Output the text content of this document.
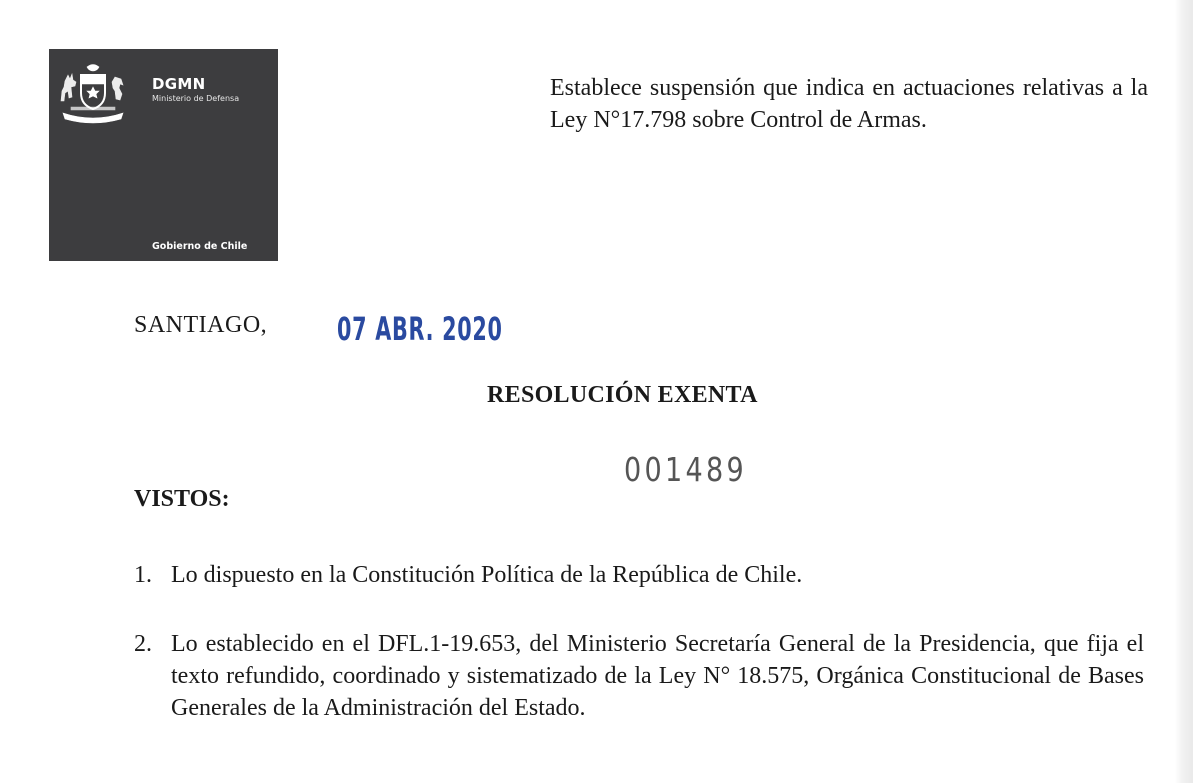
DGMN
Ministerio de Defensa
Gobierno de Chile
Establece suspensión que indica en actuaciones relativas a la Ley N°17.798 sobre Control de Armas.
SANTIAGO, 07 ABR. 2020
RESOLUCIÓN EXENTA
001489
VISTOS:
1. Lo dispuesto en la Constitución Política de la República de Chile.
2. Lo establecido en el DFL.1-19.653, del Ministerio Secretaría General de la Presidencia, que fija el texto refundido, coordinado y sistematizado de la Ley N° 18.575, Orgánica Constitucional de Bases Generales de la Administración del Estado.
